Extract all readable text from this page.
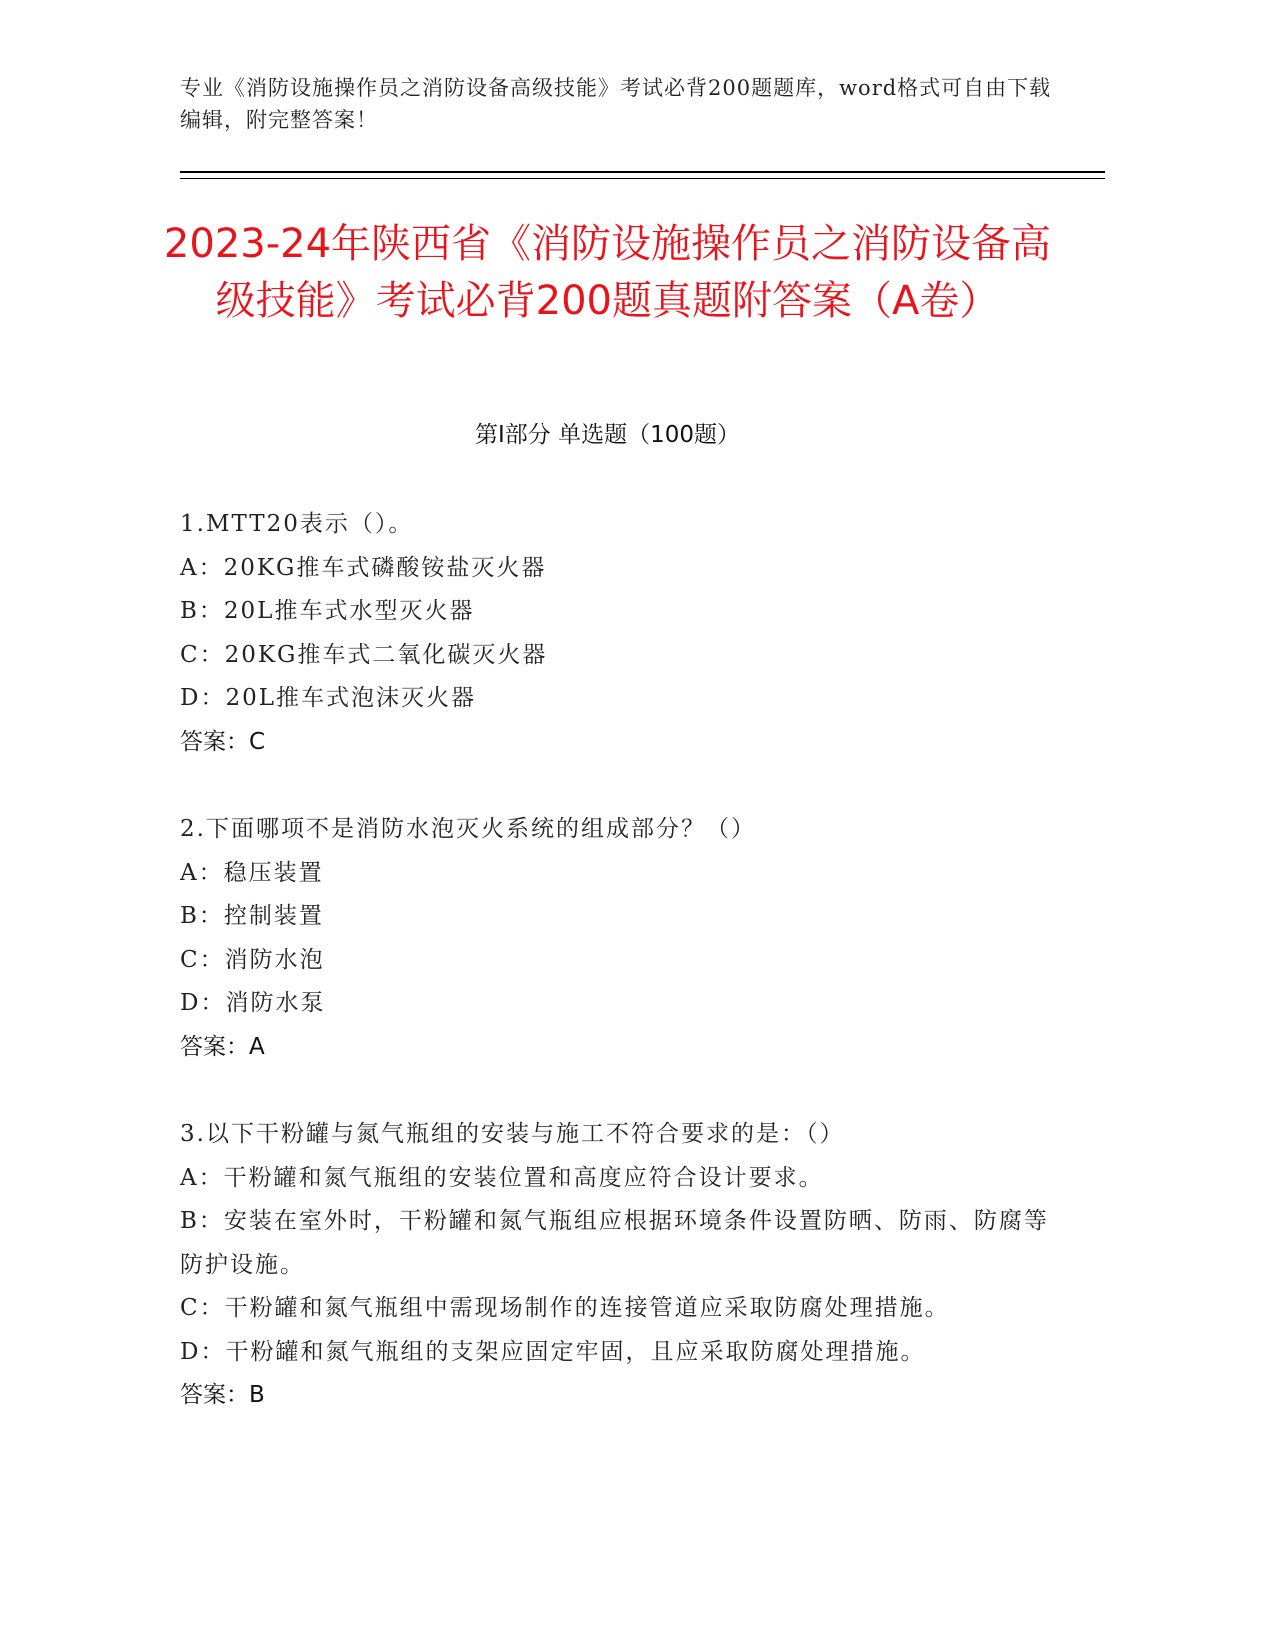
专业《消防设施操作员之消防设备高级技能》考试必背200题题库，word格式可自由下载编辑，附完整答案！
2023-24年陕西省《消防设施操作员之消防设备高级技能》考试必背200题真题附答案（A卷）
第I部分 单选题（100题）

1.MTT20表示（）。

A：20KG推车式磷酸铵盐灭火器

B：20L推车式水型灭火器

C：20KG推车式二氧化碳灭火器

D：20L推车式泡沫灭火器

答案：C

2.下面哪项不是消防水泡灭火系统的组成部分？（）

A：稳压装置

B：控制装置

C：消防水泡

D：消防水泵

答案：A

3.以下干粉罐与氮气瓶组的安装与施工不符合要求的是：（）

A：干粉罐和氮气瓶组的安装位置和高度应符合设计要求。

B：安装在室外时，干粉罐和氮气瓶组应根据环境条件设置防晒、防雨、防腐等防护设施。

C：干粉罐和氮气瓶组中需现场制作的连接管道应采取防腐处理措施。

D：干粉罐和氮气瓶组的支架应固定牢固，且应采取防腐处理措施。

答案：B
